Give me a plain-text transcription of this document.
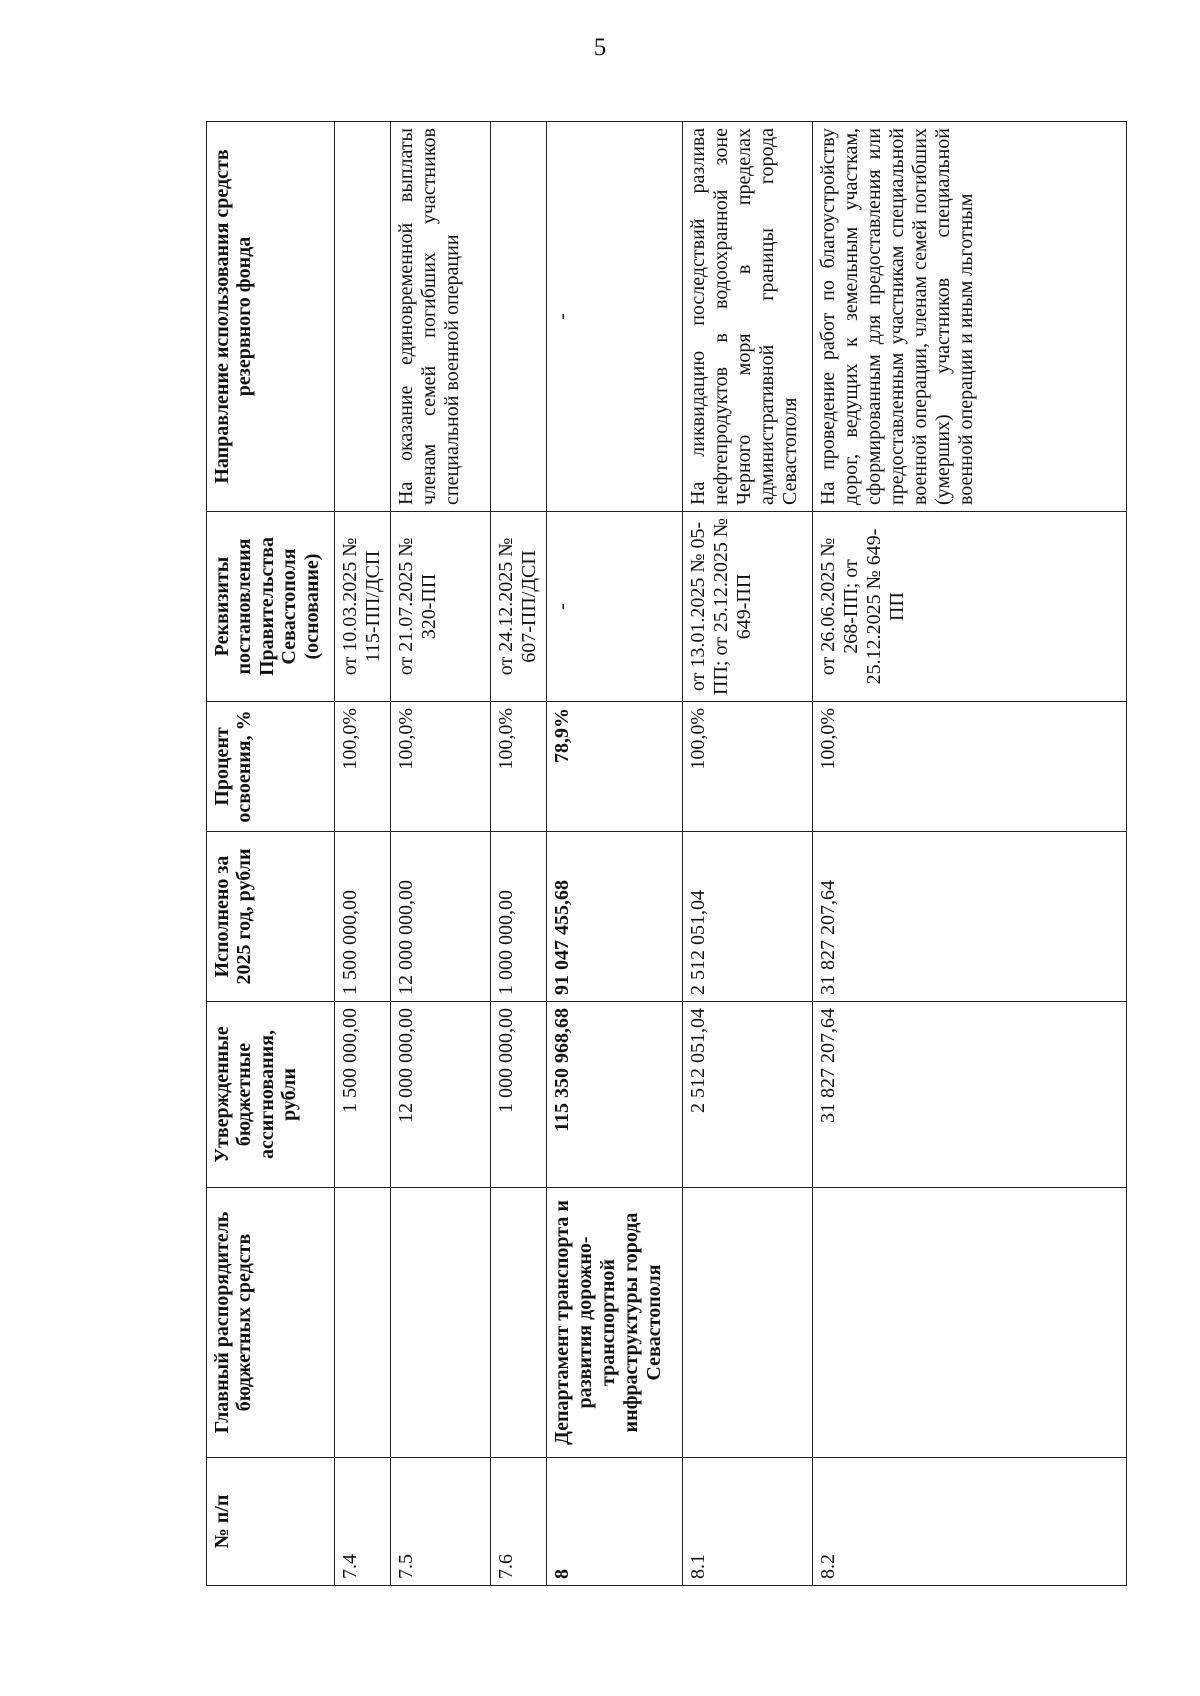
5
№ п/п	Главный распорядитель бюджетных средств	Утвержденные бюджетные ассигнования, рубли	Исполнено за 2025 год, рубли	Процент освоения, %	Реквизиты постановления Правительства Севастополя (основание)	Направление использования средств резервного фонда
7.4		1 500 000,00	1 500 000,00	100,0%	от 10.03.2025 № 115-ПП/ДСП	
7.5		12 000 000,00	12 000 000,00	100,0%	от 21.07.2025 № 320-ПП	На оказание единовременной выплаты членам семей погибших участников специальной военной операции
7.6		1 000 000,00	1 000 000,00	100,0%	от 24.12.2025 № 607-ПП/ДСП	
8	Департамент транспорта и развития дорожно-транспортной инфраструктуры города Севастополя	115 350 968,68	91 047 455,68	78,9%	-	-
8.1		2 512 051,04	2 512 051,04	100,0%	от 13.01.2025 № 05-ПП; от 25.12.2025 № 649-ПП	На ликвидацию последствий разлива нефтепродуктов в водоохранной зоне Черного моря в пределах административной границы города Севастополя
8.2		31 827 207,64	31 827 207,64	100,0%	от 26.06.2025 № 268-ПП; от 25.12.2025 № 649-ПП	На проведение работ по благоустройству дорог, ведущих к земельным участкам, сформированным для предоставления или предоставленным участникам специальной военной операции, членам семей погибших (умерших) участников специальной военной операции и иным льготным
